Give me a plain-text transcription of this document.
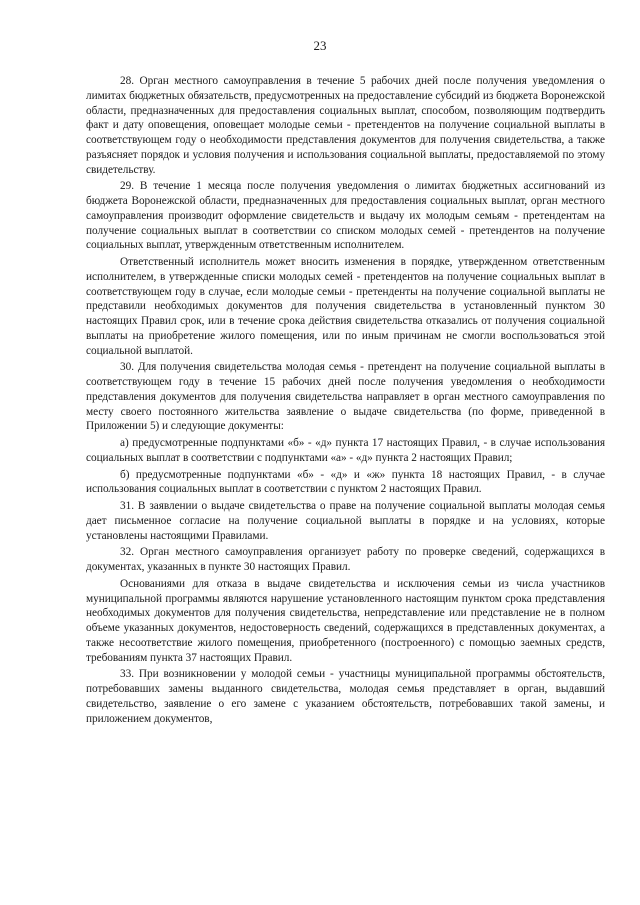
23

28. Орган местного самоуправления в течение 5 рабочих дней после получения уведомления о лимитах бюджетных обязательств, предусмотренных на предоставление субсидий из бюджета Воронежской области, предназначенных для предоставления социальных выплат, способом, позволяющим подтвердить факт и дату оповещения, оповещает молодые семьи - претендентов на получение социальной выплаты в соответствующем году о необходимости представления документов для получения свидетельства, а также разъясняет порядок и условия получения и использования социальной выплаты, предоставляемой по этому свидетельству.

29. В течение 1 месяца после получения уведомления о лимитах бюджетных ассигнований из бюджета Воронежской области, предназначенных для предоставления социальных выплат, орган местного самоуправления производит оформление свидетельств и выдачу их молодым семьям - претендентам на получение социальных выплат в соответствии со списком молодых семей - претендентов на получение социальных выплат, утвержденным ответственным исполнителем.

Ответственный исполнитель может вносить изменения в порядке, утвержденном ответственным исполнителем, в утвержденные списки молодых семей - претендентов на получение социальных выплат в соответствующем году в случае, если молодые семьи - претенденты на получение социальной выплаты не представили необходимых документов для получения свидетельства в установленный пунктом 30 настоящих Правил срок, или в течение срока действия свидетельства отказались от получения социальной выплаты на приобретение жилого помещения, или по иным причинам не смогли воспользоваться этой социальной выплатой.

30. Для получения свидетельства молодая семья - претендент на получение социальной выплаты в соответствующем году в течение 15 рабочих дней после получения уведомления о необходимости представления документов для получения свидетельства направляет в орган местного самоуправления по месту своего постоянного жительства заявление о выдаче свидетельства (по форме, приведенной в Приложении 5) и следующие документы:

а) предусмотренные подпунктами «б» - «д» пункта 17 настоящих Правил, - в случае использования социальных выплат в соответствии с подпунктами «а» - «д» пункта 2 настоящих Правил;

б) предусмотренные подпунктами «б» - «д» и «ж» пункта 18 настоящих Правил, - в случае использования социальных выплат в соответствии с пунктом 2 настоящих Правил.

31. В заявлении о выдаче свидетельства о праве на получение социальной выплаты молодая семья дает письменное согласие на получение социальной выплаты в порядке и на условиях, которые установлены настоящими Правилами.

32. Орган местного самоуправления организует работу по проверке сведений, содержащихся в документах, указанных в пункте 30 настоящих Правил.

Основаниями для отказа в выдаче свидетельства и исключения семьи из числа участников муниципальной программы являются нарушение установленного настоящим пунктом срока представления необходимых документов для получения свидетельства, непредставление или представление не в полном объеме указанных документов, недостоверность сведений, содержащихся в представленных документах, а также несоответствие жилого помещения, приобретенного (построенного) с помощью заемных средств, требованиям пункта 37 настоящих Правил.

33. При возникновении у молодой семьи - участницы муниципальной программы обстоятельств, потребовавших замены выданного свидетельства, молодая семья представляет в орган, выдавший свидетельство, заявление о его замене с указанием обстоятельств, потребовавших такой замены, и приложением документов,
